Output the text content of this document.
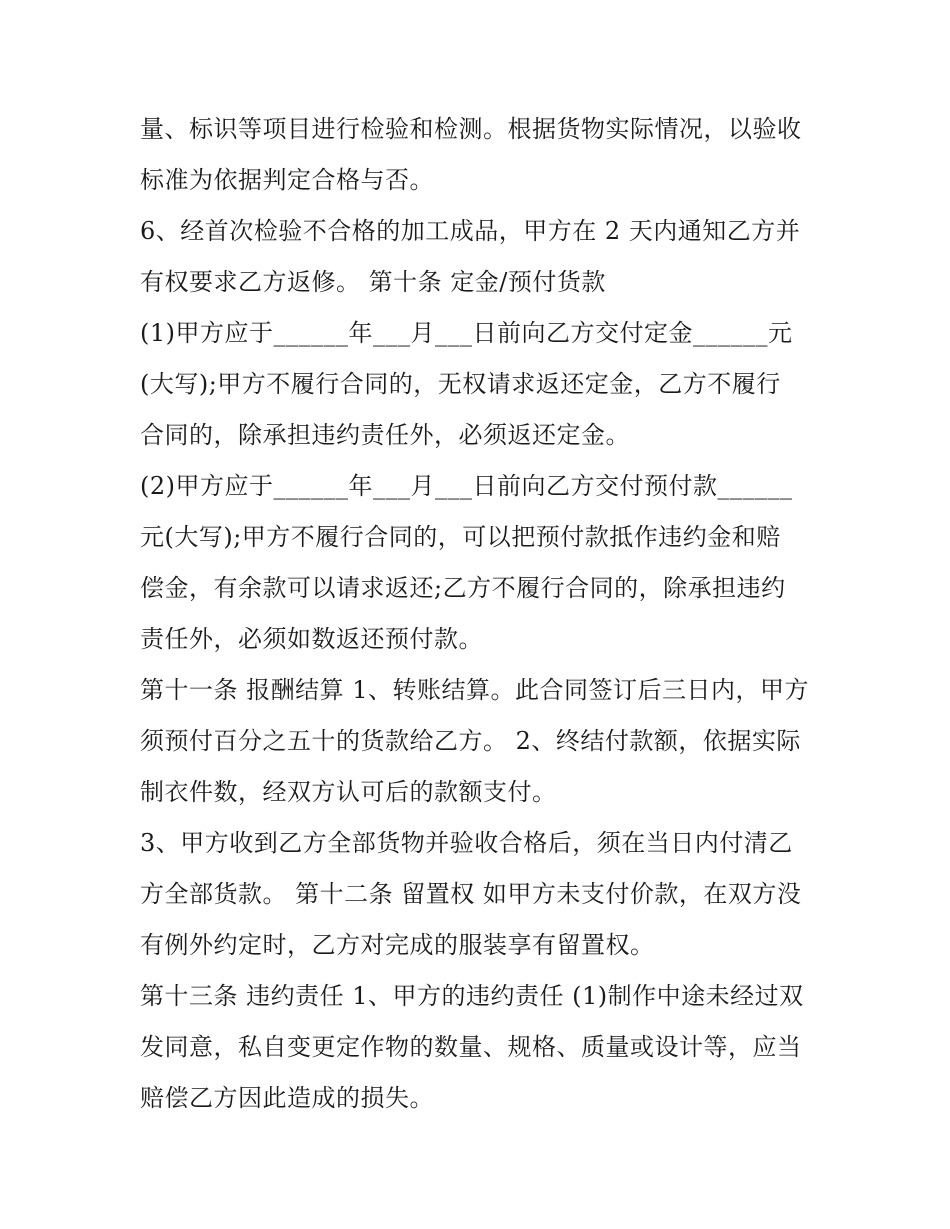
量、标识等项目进行检验和检测。根据货物实际情况，以验收
标准为依据判定合格与否。
6、经首次检验不合格的加工成品，甲方在 2 天内通知乙方并
有权要求乙方返修。 第十条 定金/预付货款
(1)甲方应于______年___月___日前向乙方交付定金______元
(大写);甲方不履行合同的，无权请求返还定金，乙方不履行
合同的，除承担违约责任外，必须返还定金。
(2)甲方应于______年___月___日前向乙方交付预付款______
元(大写);甲方不履行合同的，可以把预付款抵作违约金和赔
偿金，有余款可以请求返还;乙方不履行合同的，除承担违约
责任外，必须如数返还预付款。
第十一条 报酬结算 1、转账结算。此合同签订后三日内，甲方
须预付百分之五十的货款给乙方。 2、终结付款额，依据实际
制衣件数，经双方认可后的款额支付。
3、甲方收到乙方全部货物并验收合格后，须在当日内付清乙
方全部货款。 第十二条 留置权 如甲方未支付价款，在双方没
有例外约定时，乙方对完成的服装享有留置权。
第十三条 违约责任 1、甲方的违约责任 (1)制作中途未经过双
发同意，私自变更定作物的数量、规格、质量或设计等，应当
赔偿乙方因此造成的损失。
